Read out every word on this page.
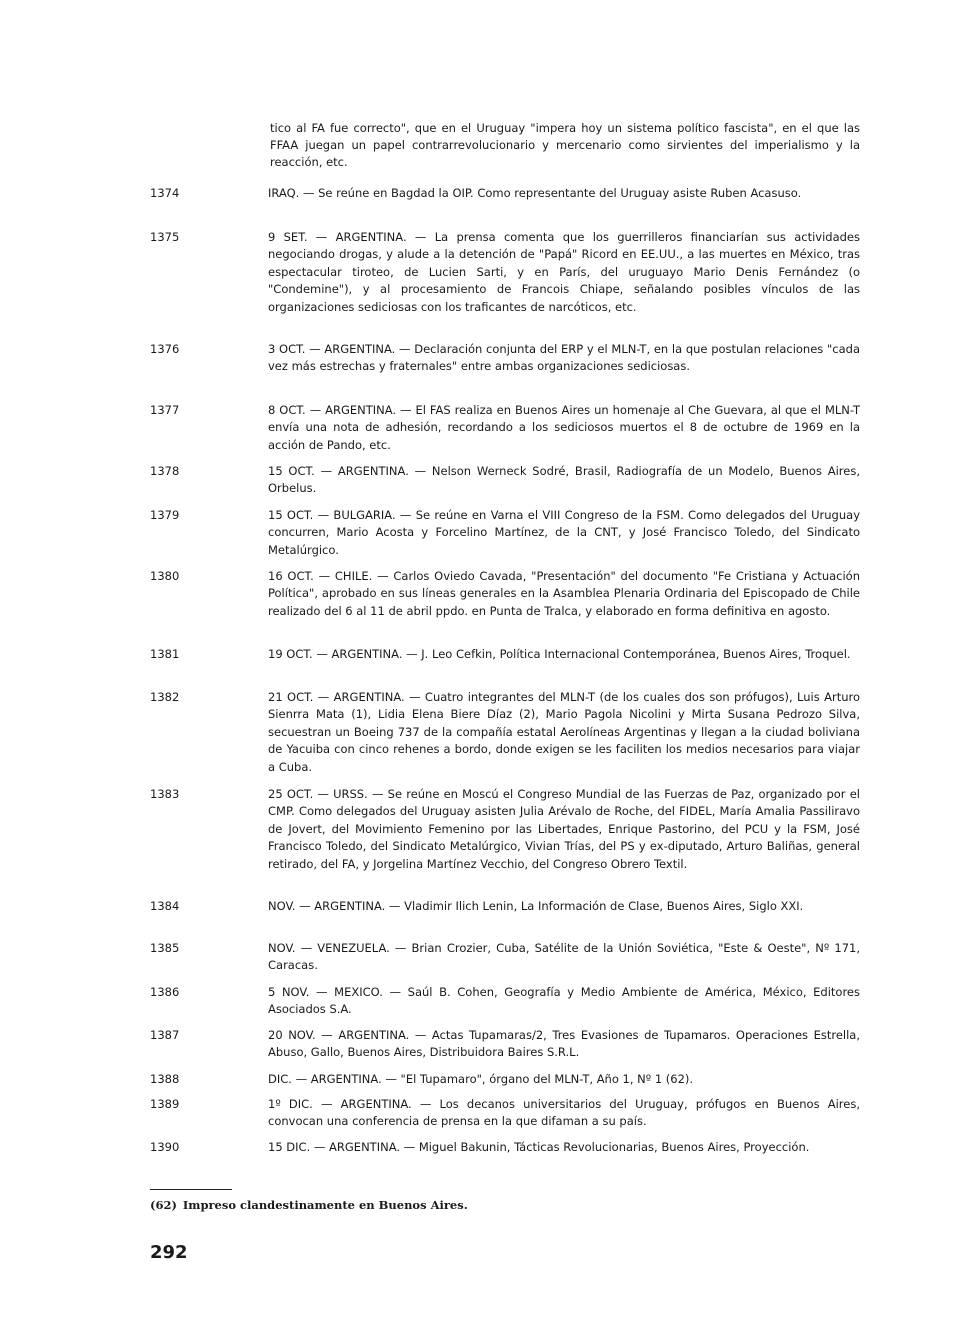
tico al FA fue correcto", que en el Uruguay "impera hoy un sistema político fascista", en el que las FFAA juegan un papel contrarrevolucionario y mercenario como sirvientes del imperialismo y la reacción, etc.

1374	IRAQ. — Se reúne en Bagdad la OIP. Como representante del Uruguay asiste Ruben Acasuso.

1375	9 SET. — ARGENTINA. — La prensa comenta que los guerrilleros financiarían sus actividades negociando drogas, y alude a la detención de "Papá" Ricord en EE.UU., a las muertes en México, tras espectacular tiroteo, de Lucien Sarti, y en París, del uruguayo Mario Denis Fernández (o "Condemine"), y al procesamiento de Francois Chiape, señalando posibles vínculos de las organizaciones sediciosas con los traficantes de narcóticos, etc.

1376	3 OCT. — ARGENTINA. — Declaración conjunta del ERP y el MLN-T, en la que postulan relaciones "cada vez más estrechas y fraternales" entre ambas organizaciones sediciosas.

1377	8 OCT. — ARGENTINA. — El FAS realiza en Buenos Aires un homenaje al Che Guevara, al que el MLN-T envía una nota de adhesión, recordando a los sediciosos muertos el 8 de octubre de 1969 en la acción de Pando, etc.

1378	15 OCT. — ARGENTINA. — Nelson Werneck Sodré, Brasil, Radiografía de un Modelo, Buenos Aires, Orbelus.

1379	15 OCT. — BULGARIA. — Se reúne en Varna el VIII Congreso de la FSM. Como delegados del Uruguay concurren, Mario Acosta y Forcelino Martínez, de la CNT, y José Francisco Toledo, del Sindicato Metalúrgico.

1380	16 OCT. — CHILE. — Carlos Oviedo Cavada, "Presentación" del documento "Fe Cristiana y Actuación Política", aprobado en sus líneas generales en la Asamblea Plenaria Ordinaria del Episcopado de Chile realizado del 6 al 11 de abril ppdo. en Punta de Tralca, y elaborado en forma definitiva en agosto.

1381	19 OCT. — ARGENTINA. — J. Leo Cefkin, Política Internacional Contemporánea, Buenos Aires, Troquel.

1382	21 OCT. — ARGENTINA. — Cuatro integrantes del MLN-T (de los cuales dos son prófugos), Luis Arturo Sienrra Mata (1), Lidia Elena Biere Díaz (2), Mario Pagola Nicolini y Mirta Susana Pedrozo Silva, secuestran un Boeing 737 de la compañía estatal Aerolíneas Argentinas y llegan a la ciudad boliviana de Yacuiba con cinco rehenes a bordo, donde exigen se les faciliten los medios necesarios para viajar a Cuba.

1383	25 OCT. — URSS. — Se reúne en Moscú el Congreso Mundial de las Fuerzas de Paz, organizado por el CMP. Como delegados del Uruguay asisten Julia Arévalo de Roche, del FIDEL, María Amalia Passiliravo de Jovert, del Movimiento Femenino por las Libertades, Enrique Pastorino, del PCU y la FSM, José Francisco Toledo, del Sindicato Metalúrgico, Vivian Trías, del PS y ex-diputado, Arturo Baliñas, general retirado, del FA, y Jorgelina Martínez Vecchio, del Congreso Obrero Textil.

1384	NOV. — ARGENTINA. — Vladimir Ilich Lenin, La Información de Clase, Buenos Aires, Siglo XXI.

1385	NOV. — VENEZUELA. — Brian Crozier, Cuba, Satélite de la Unión Soviética, "Este & Oeste", Nº 171, Caracas.

1386	5 NOV. — MEXICO. — Saúl B. Cohen, Geografía y Medio Ambiente de América, México, Editores Asociados S.A.

1387	20 NOV. — ARGENTINA. — Actas Tupamaras/2, Tres Evasiones de Tupamaros. Operaciones Estrella, Abuso, Gallo, Buenos Aires, Distribuidora Baires S.R.L.

1388	DIC. — ARGENTINA. — "El Tupamaro", órgano del MLN-T, Año 1, Nº 1 (62).

1389	1º DIC. — ARGENTINA. — Los decanos universitarios del Uruguay, prófugos en Buenos Aires, convocan una conferencia de prensa en la que difaman a su país.

1390	15 DIC. — ARGENTINA. — Miguel Bakunin, Tácticas Revolucionarias, Buenos Aires, Proyección.

(62) Impreso clandestinamente en Buenos Aires.
292
